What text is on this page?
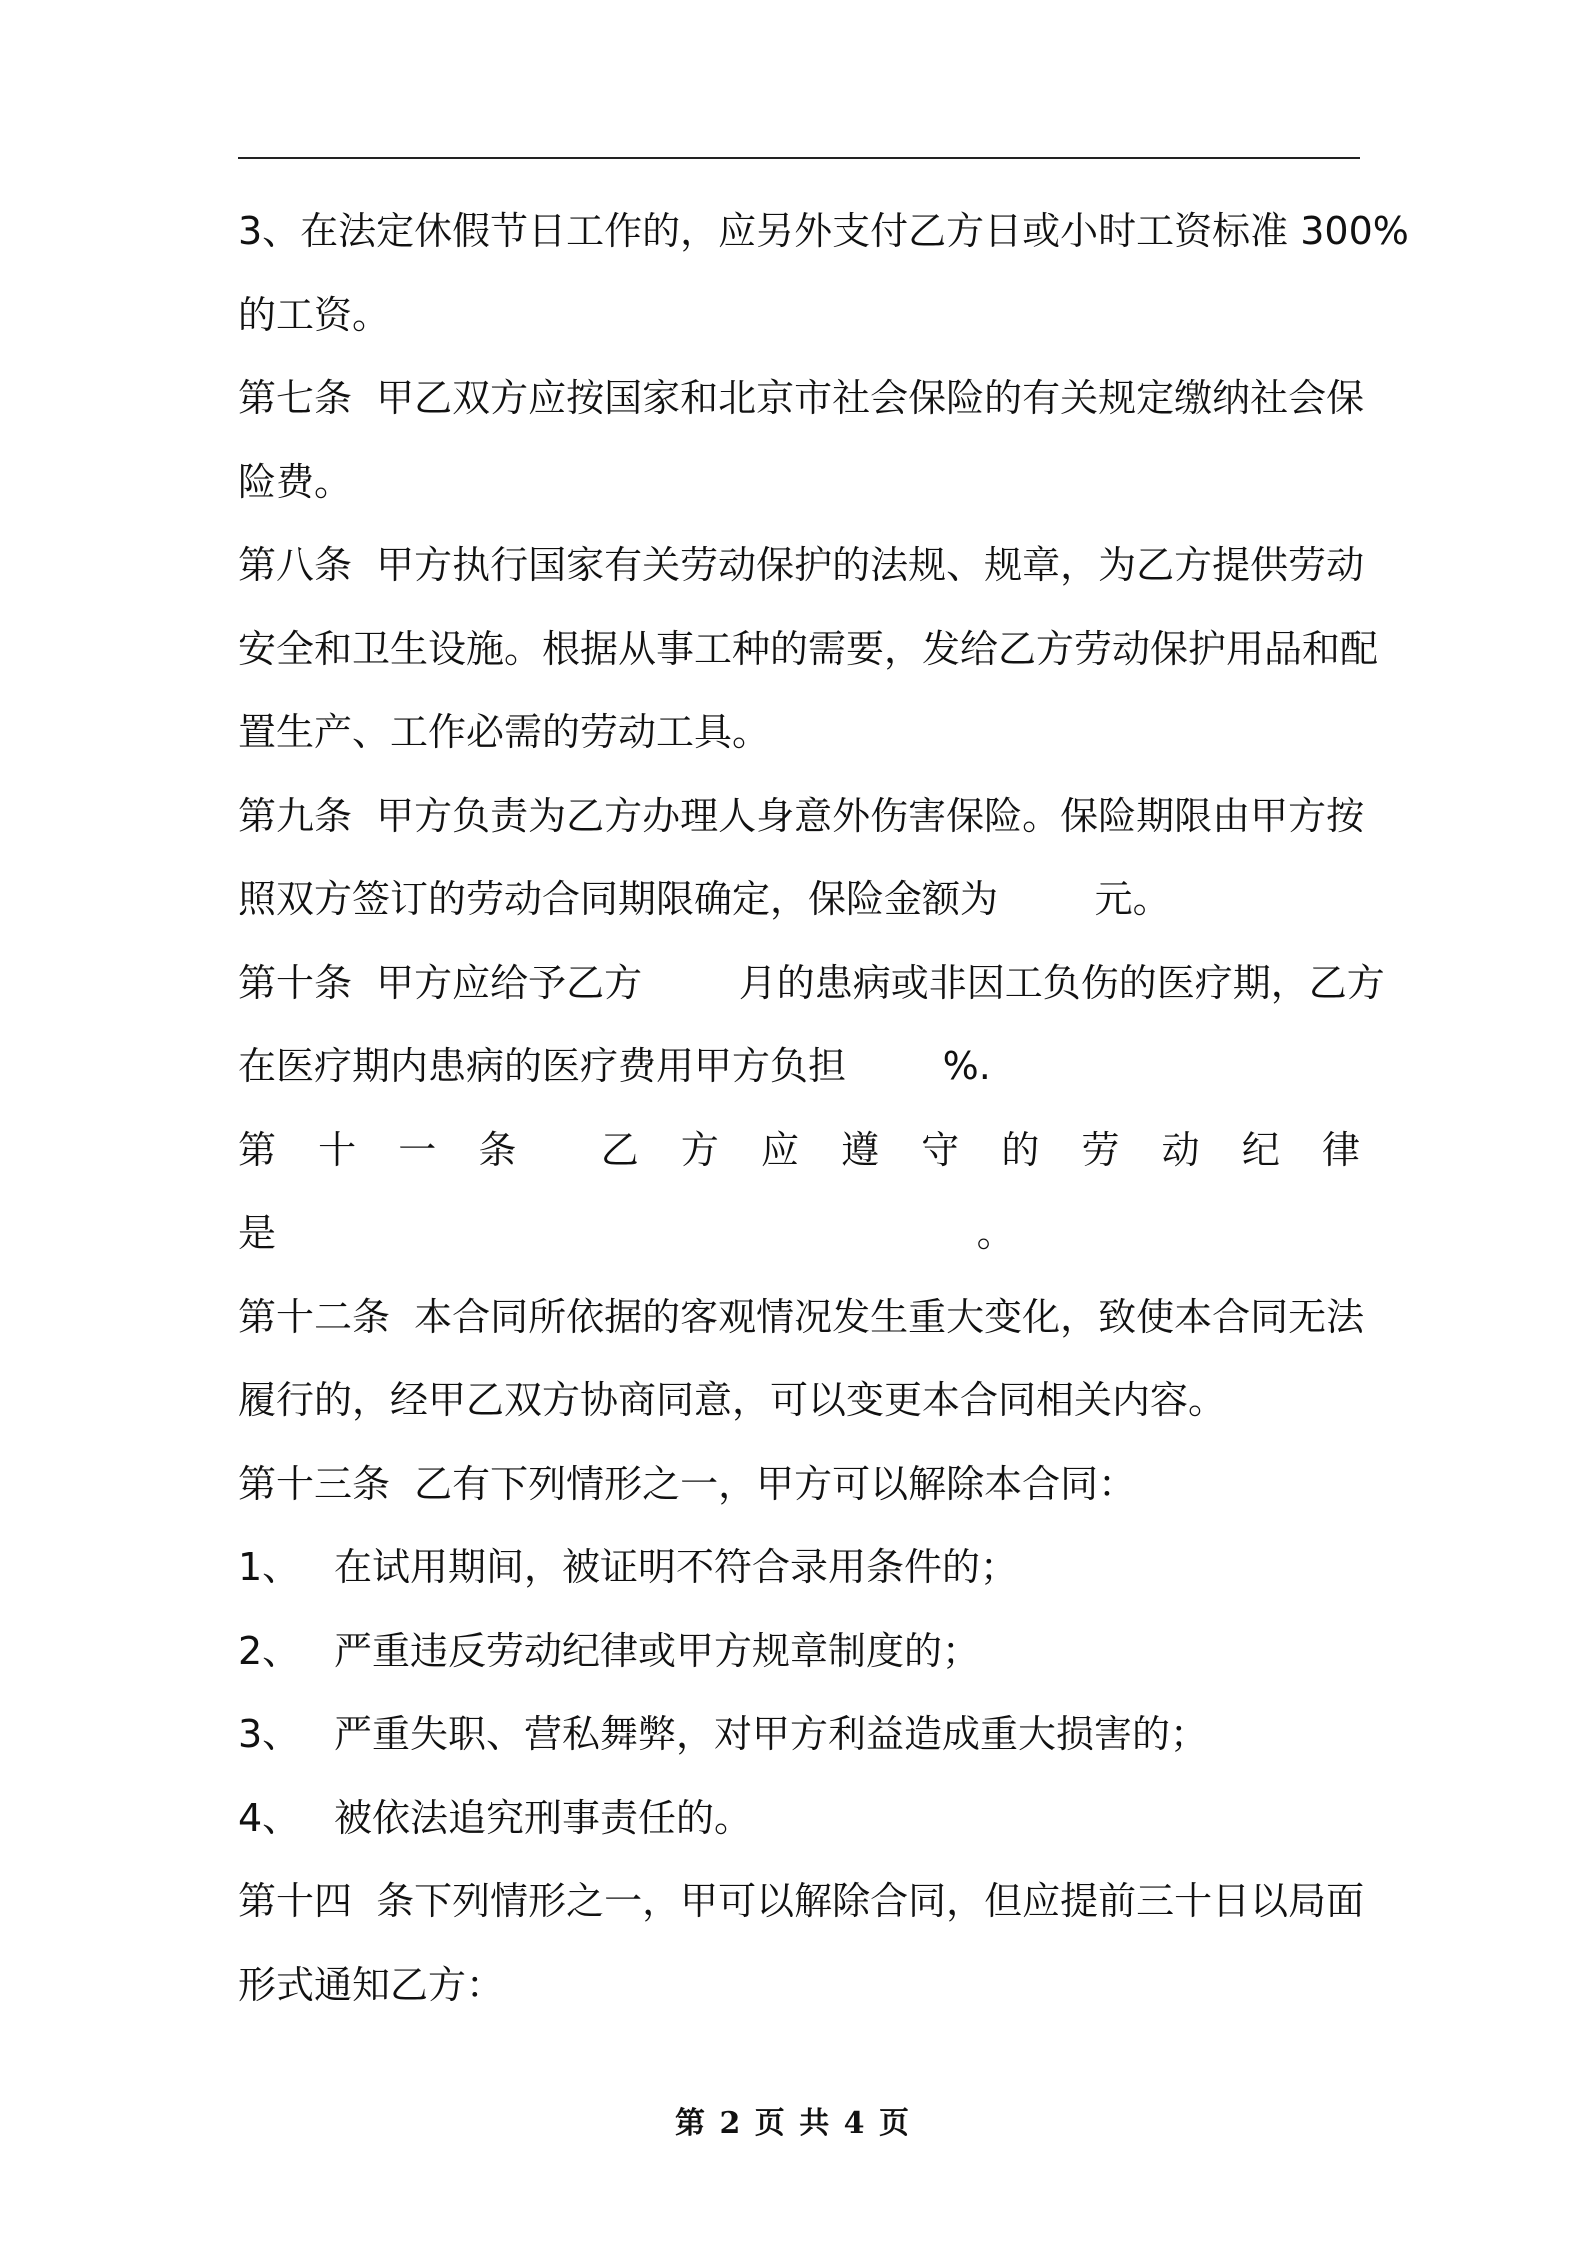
3、在法定休假节日工作的，应另外支付乙方日或小时工资标准 300%
的工资。
第七条  甲乙双方应按国家和北京市社会保险的有关规定缴纳社会保
险费。
第八条  甲方执行国家有关劳动保护的法规、规章，为乙方提供劳动
安全和卫生设施。根据从事工种的需要，发给乙方劳动保护用品和配
置生产、工作必需的劳动工具。
第九条  甲方负责为乙方办理人身意外伤害保险。保险期限由甲方按
照双方签订的劳动合同期限确定，保险金额为        元。
第十条  甲方应给予乙方        月的患病或非因工负伤的医疗期，乙方
在医疗期内患病的医疗费用甲方负担        %.
第 十 一 条 乙 方 应 遵 守 的 劳 动 纪 律
是                                                          。
第十二条  本合同所依据的客观情况发生重大变化，致使本合同无法
履行的，经甲乙双方协商同意，可以变更本合同相关内容。
第十三条  乙有下列情形之一，甲方可以解除本合同：
1、 在试用期间，被证明不符合录用条件的；
2、 严重违反劳动纪律或甲方规章制度的；
3、 严重失职、营私舞弊，对甲方利益造成重大损害的；
4、 被依法追究刑事责任的。
第十四  条下列情形之一，甲可以解除合同，但应提前三十日以局面
形式通知乙方：
第 2 页 共 4 页
